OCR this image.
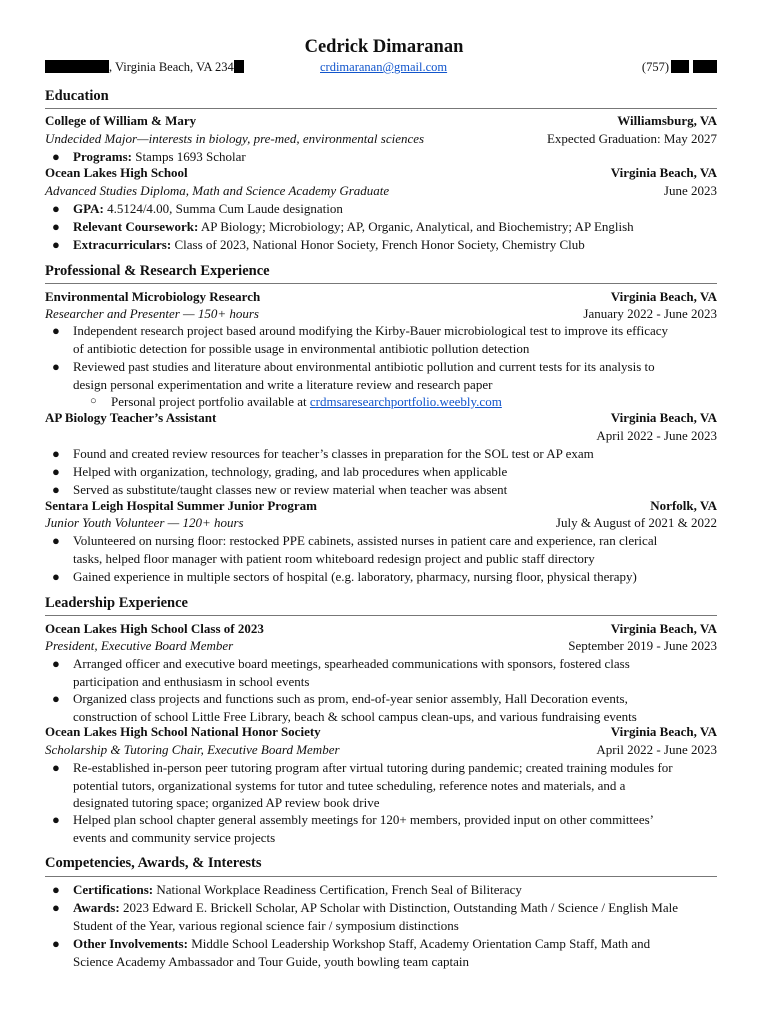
Cedrick Dimaranan
, Virginia Beach, VA 234	crdimaranan@gmail.com	(757)
Education
College of William & Mary	Williamsburg, VA
Undecided Major—interests in biology, pre-med, environmental sciences	Expected Graduation: May 2027
● Programs: Stamps 1693 Scholar
Ocean Lakes High School	Virginia Beach, VA
Advanced Studies Diploma, Math and Science Academy Graduate	June 2023
● GPA: 4.5124/4.00, Summa Cum Laude designation
● Relevant Coursework: AP Biology; Microbiology; AP, Organic, Analytical, and Biochemistry; AP English
● Extracurriculars: Class of 2023, National Honor Society, French Honor Society, Chemistry Club
Professional & Research Experience
Environmental Microbiology Research	Virginia Beach, VA
Researcher and Presenter — 150+ hours	January 2022 - June 2023
● Independent research project based around modifying the Kirby-Bauer microbiological test to improve its efficacy
of antibiotic detection for possible usage in environmental antibiotic pollution detection
● Reviewed past studies and literature about environmental antibiotic pollution and current tests for its analysis to
design personal experimentation and write a literature review and research paper
○ Personal project portfolio available at crdmsaresearchportfolio.weebly.com
AP Biology Teacher’s Assistant	Virginia Beach, VA
April 2022 - June 2023
● Found and created review resources for teacher’s classes in preparation for the SOL test or AP exam
● Helped with organization, technology, grading, and lab procedures when applicable
● Served as substitute/taught classes new or review material when teacher was absent
Sentara Leigh Hospital Summer Junior Program	Norfolk, VA
Junior Youth Volunteer — 120+ hours	July & August of 2021 & 2022
● Volunteered on nursing floor: restocked PPE cabinets, assisted nurses in patient care and experience, ran clerical
tasks, helped floor manager with patient room whiteboard redesign project and public staff directory
● Gained experience in multiple sectors of hospital (e.g. laboratory, pharmacy, nursing floor, physical therapy)
Leadership Experience
Ocean Lakes High School Class of 2023	Virginia Beach, VA
President, Executive Board Member	September 2019 - June 2023
● Arranged officer and executive board meetings, spearheaded communications with sponsors, fostered class
participation and enthusiasm in school events
● Organized class projects and functions such as prom, end-of-year senior assembly, Hall Decoration events,
construction of school Little Free Library, beach & school campus clean-ups, and various fundraising events
Ocean Lakes High School National Honor Society	Virginia Beach, VA
Scholarship & Tutoring Chair, Executive Board Member	April 2022 - June 2023
● Re-established in-person peer tutoring program after virtual tutoring during pandemic; created training modules for
potential tutors, organizational systems for tutor and tutee scheduling, reference notes and materials, and a
designated tutoring space; organized AP review book drive
● Helped plan school chapter general assembly meetings for 120+ members, provided input on other committees’
events and community service projects
Competencies, Awards, & Interests
● Certifications: National Workplace Readiness Certification, French Seal of Biliteracy
● Awards: 2023 Edward E. Brickell Scholar, AP Scholar with Distinction, Outstanding Math / Science / English Male
Student of the Year, various regional science fair / symposium distinctions
● Other Involvements: Middle School Leadership Workshop Staff, Academy Orientation Camp Staff, Math and
Science Academy Ambassador and Tour Guide, youth bowling team captain
